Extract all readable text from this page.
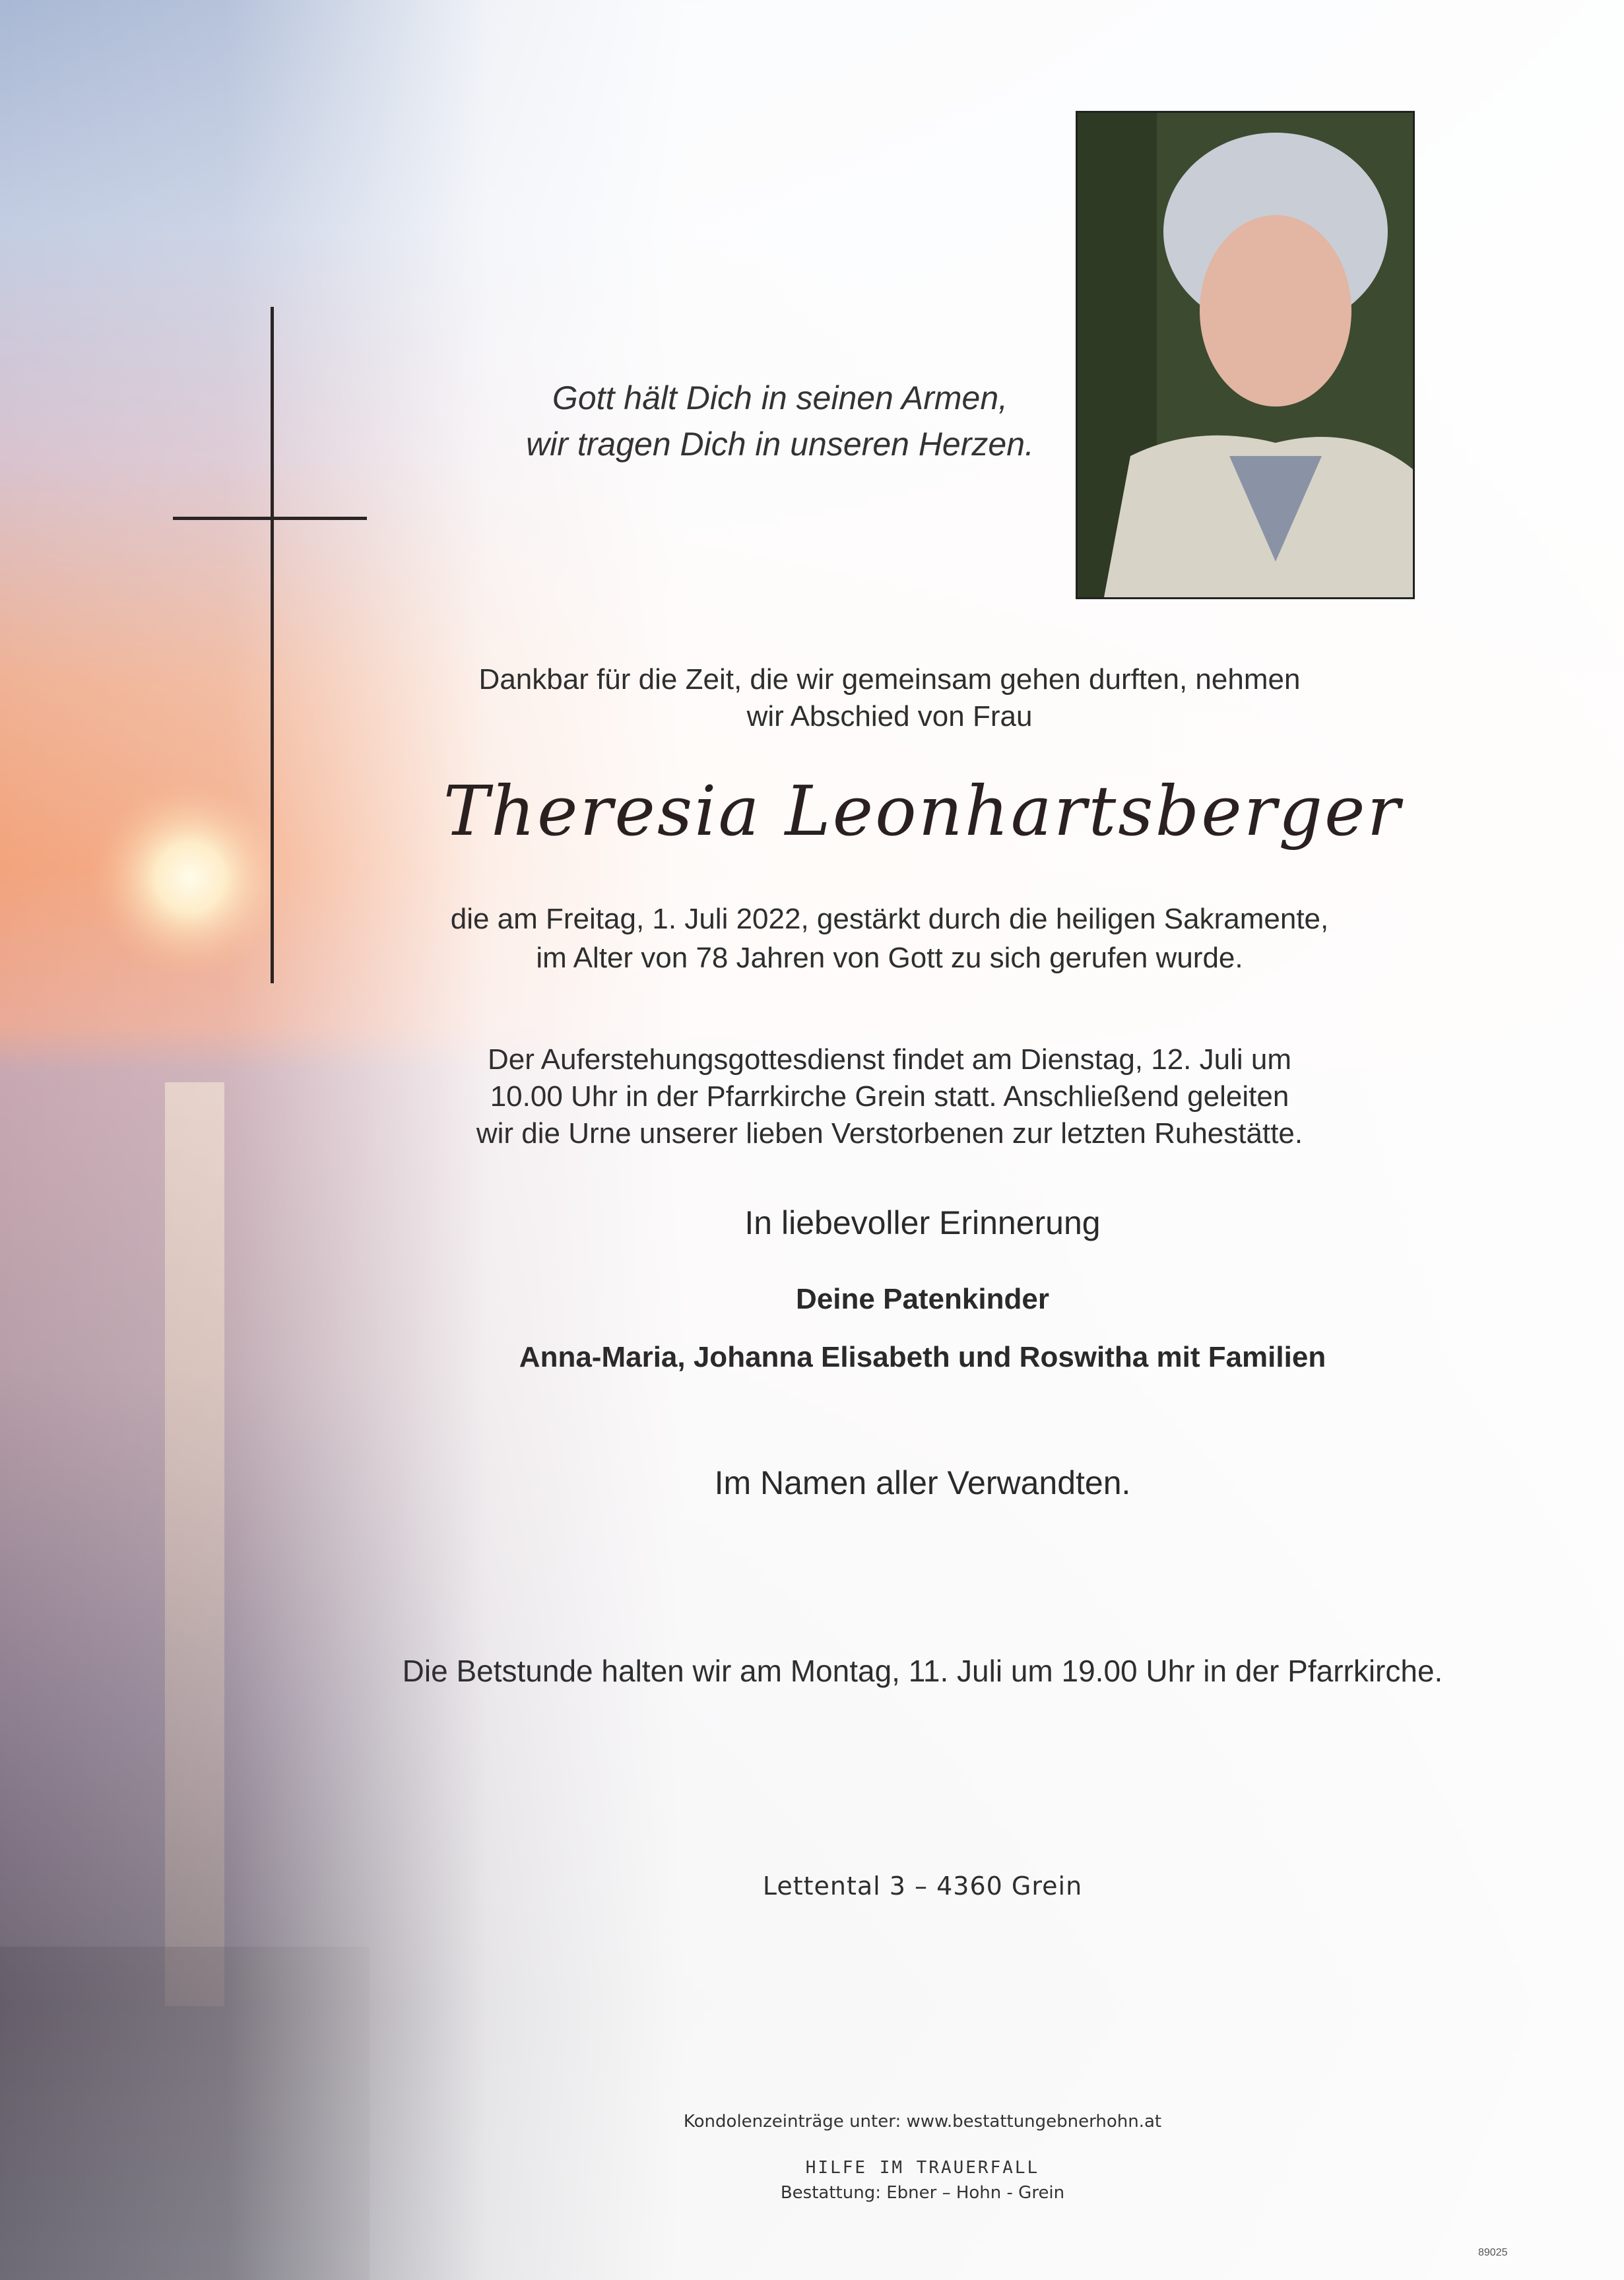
Gott hält Dich in seinen Armen,
wir tragen Dich in unseren Herzen.
Dankbar für die Zeit, die wir gemeinsam gehen durften, nehmen
wir Abschied von Frau
Theresia Leonhartsberger
die am Freitag, 1. Juli 2022, gestärkt durch die heiligen Sakramente,
im Alter von 78 Jahren von Gott zu sich gerufen wurde.
Der Auferstehungsgottesdienst findet am Dienstag, 12. Juli um
10.00 Uhr in der Pfarrkirche Grein statt. Anschließend geleiten
wir die Urne unserer lieben Verstorbenen zur letzten Ruhestätte.
In liebevoller Erinnerung
Deine Patenkinder
Anna-Maria, Johanna Elisabeth und Roswitha mit Familien
Im Namen aller Verwandten.
Die Betstunde halten wir am Montag, 11. Juli um 19.00 Uhr in der Pfarrkirche.
Lettental 3 – 4360 Grein
Kondolenzeinträge unter: www.bestattungebnerhohn.at
HILFE IM TRAUERFALL
Bestattung: Ebner – Hohn - Grein
89025
